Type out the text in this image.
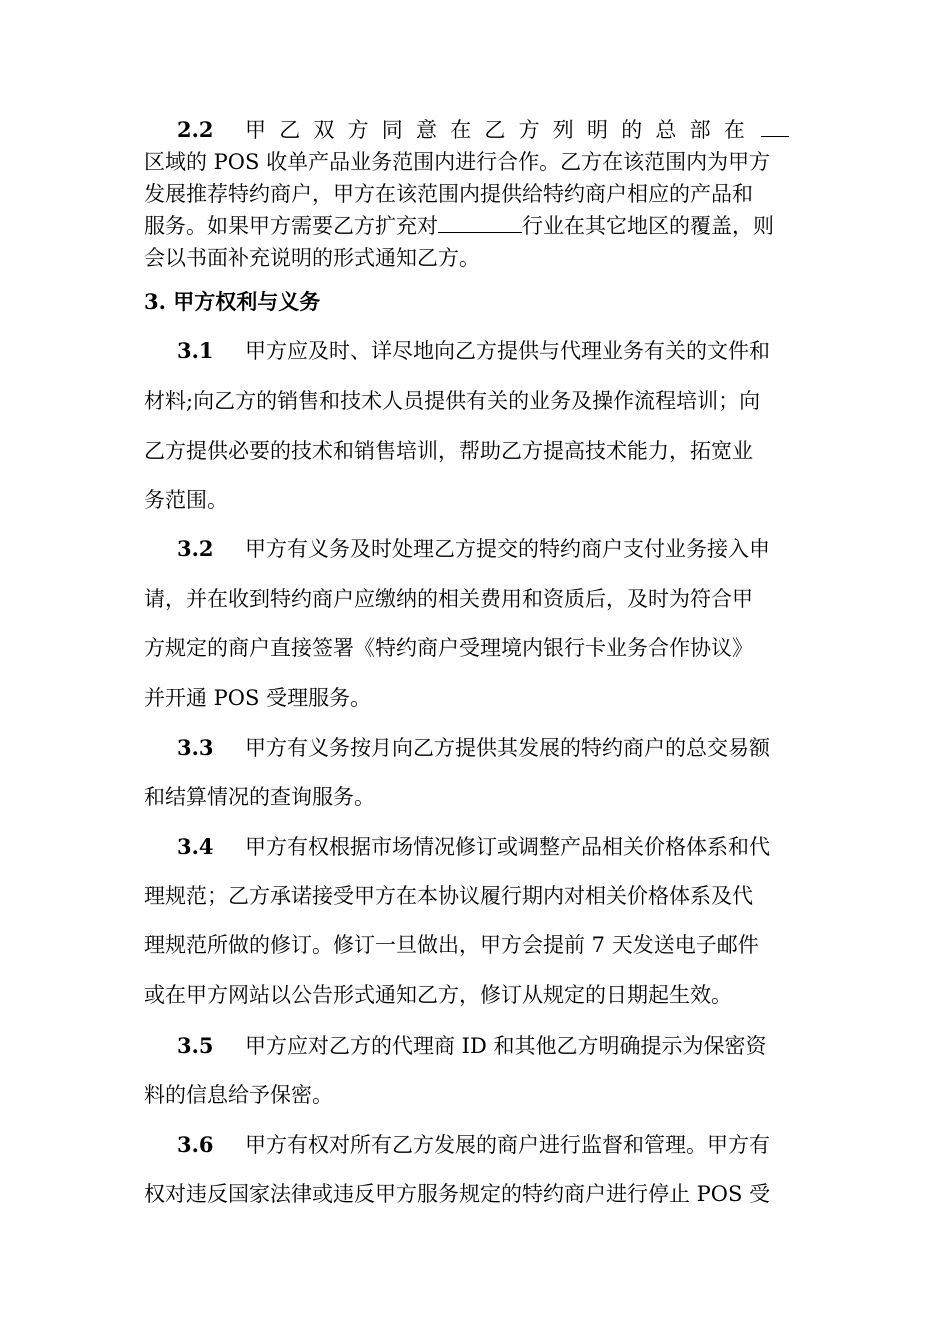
2.2 甲乙双方同意在乙方列明的总部在
区域的 POS 收单产品业务范围内进行合作。乙方在该范围内为甲方
发展推荐特约商户，甲方在该范围内提供给特约商户相应的产品和
服务。如果甲方需要乙方扩充对	行业在其它地区的覆盖，则
会以书面补充说明的形式通知乙方。
3. 甲方权利与义务
3.1 甲方应及时、详尽地向乙方提供与代理业务有关的文件和
材料;向乙方的销售和技术人员提供有关的业务及操作流程培训；向
乙方提供必要的技术和销售培训，帮助乙方提高技术能力，拓宽业
务范围。
3.2 甲方有义务及时处理乙方提交的特约商户支付业务接入申
请，并在收到特约商户应缴纳的相关费用和资质后，及时为符合甲
方规定的商户直接签署《特约商户受理境内银行卡业务合作协议》
并开通 POS 受理服务。
3.3 甲方有义务按月向乙方提供其发展的特约商户的总交易额
和结算情况的查询服务。
3.4 甲方有权根据市场情况修订或调整产品相关价格体系和代
理规范；乙方承诺接受甲方在本协议履行期内对相关价格体系及代
理规范所做的修订。修订一旦做出，甲方会提前 7 天发送电子邮件
或在甲方网站以公告形式通知乙方，修订从规定的日期起生效。
3.5 甲方应对乙方的代理商 ID 和其他乙方明确提示为保密资
料的信息给予保密。
3.6 甲方有权对所有乙方发展的商户进行监督和管理。甲方有
权对违反国家法律或违反甲方服务规定的特约商户进行停止 POS 受
